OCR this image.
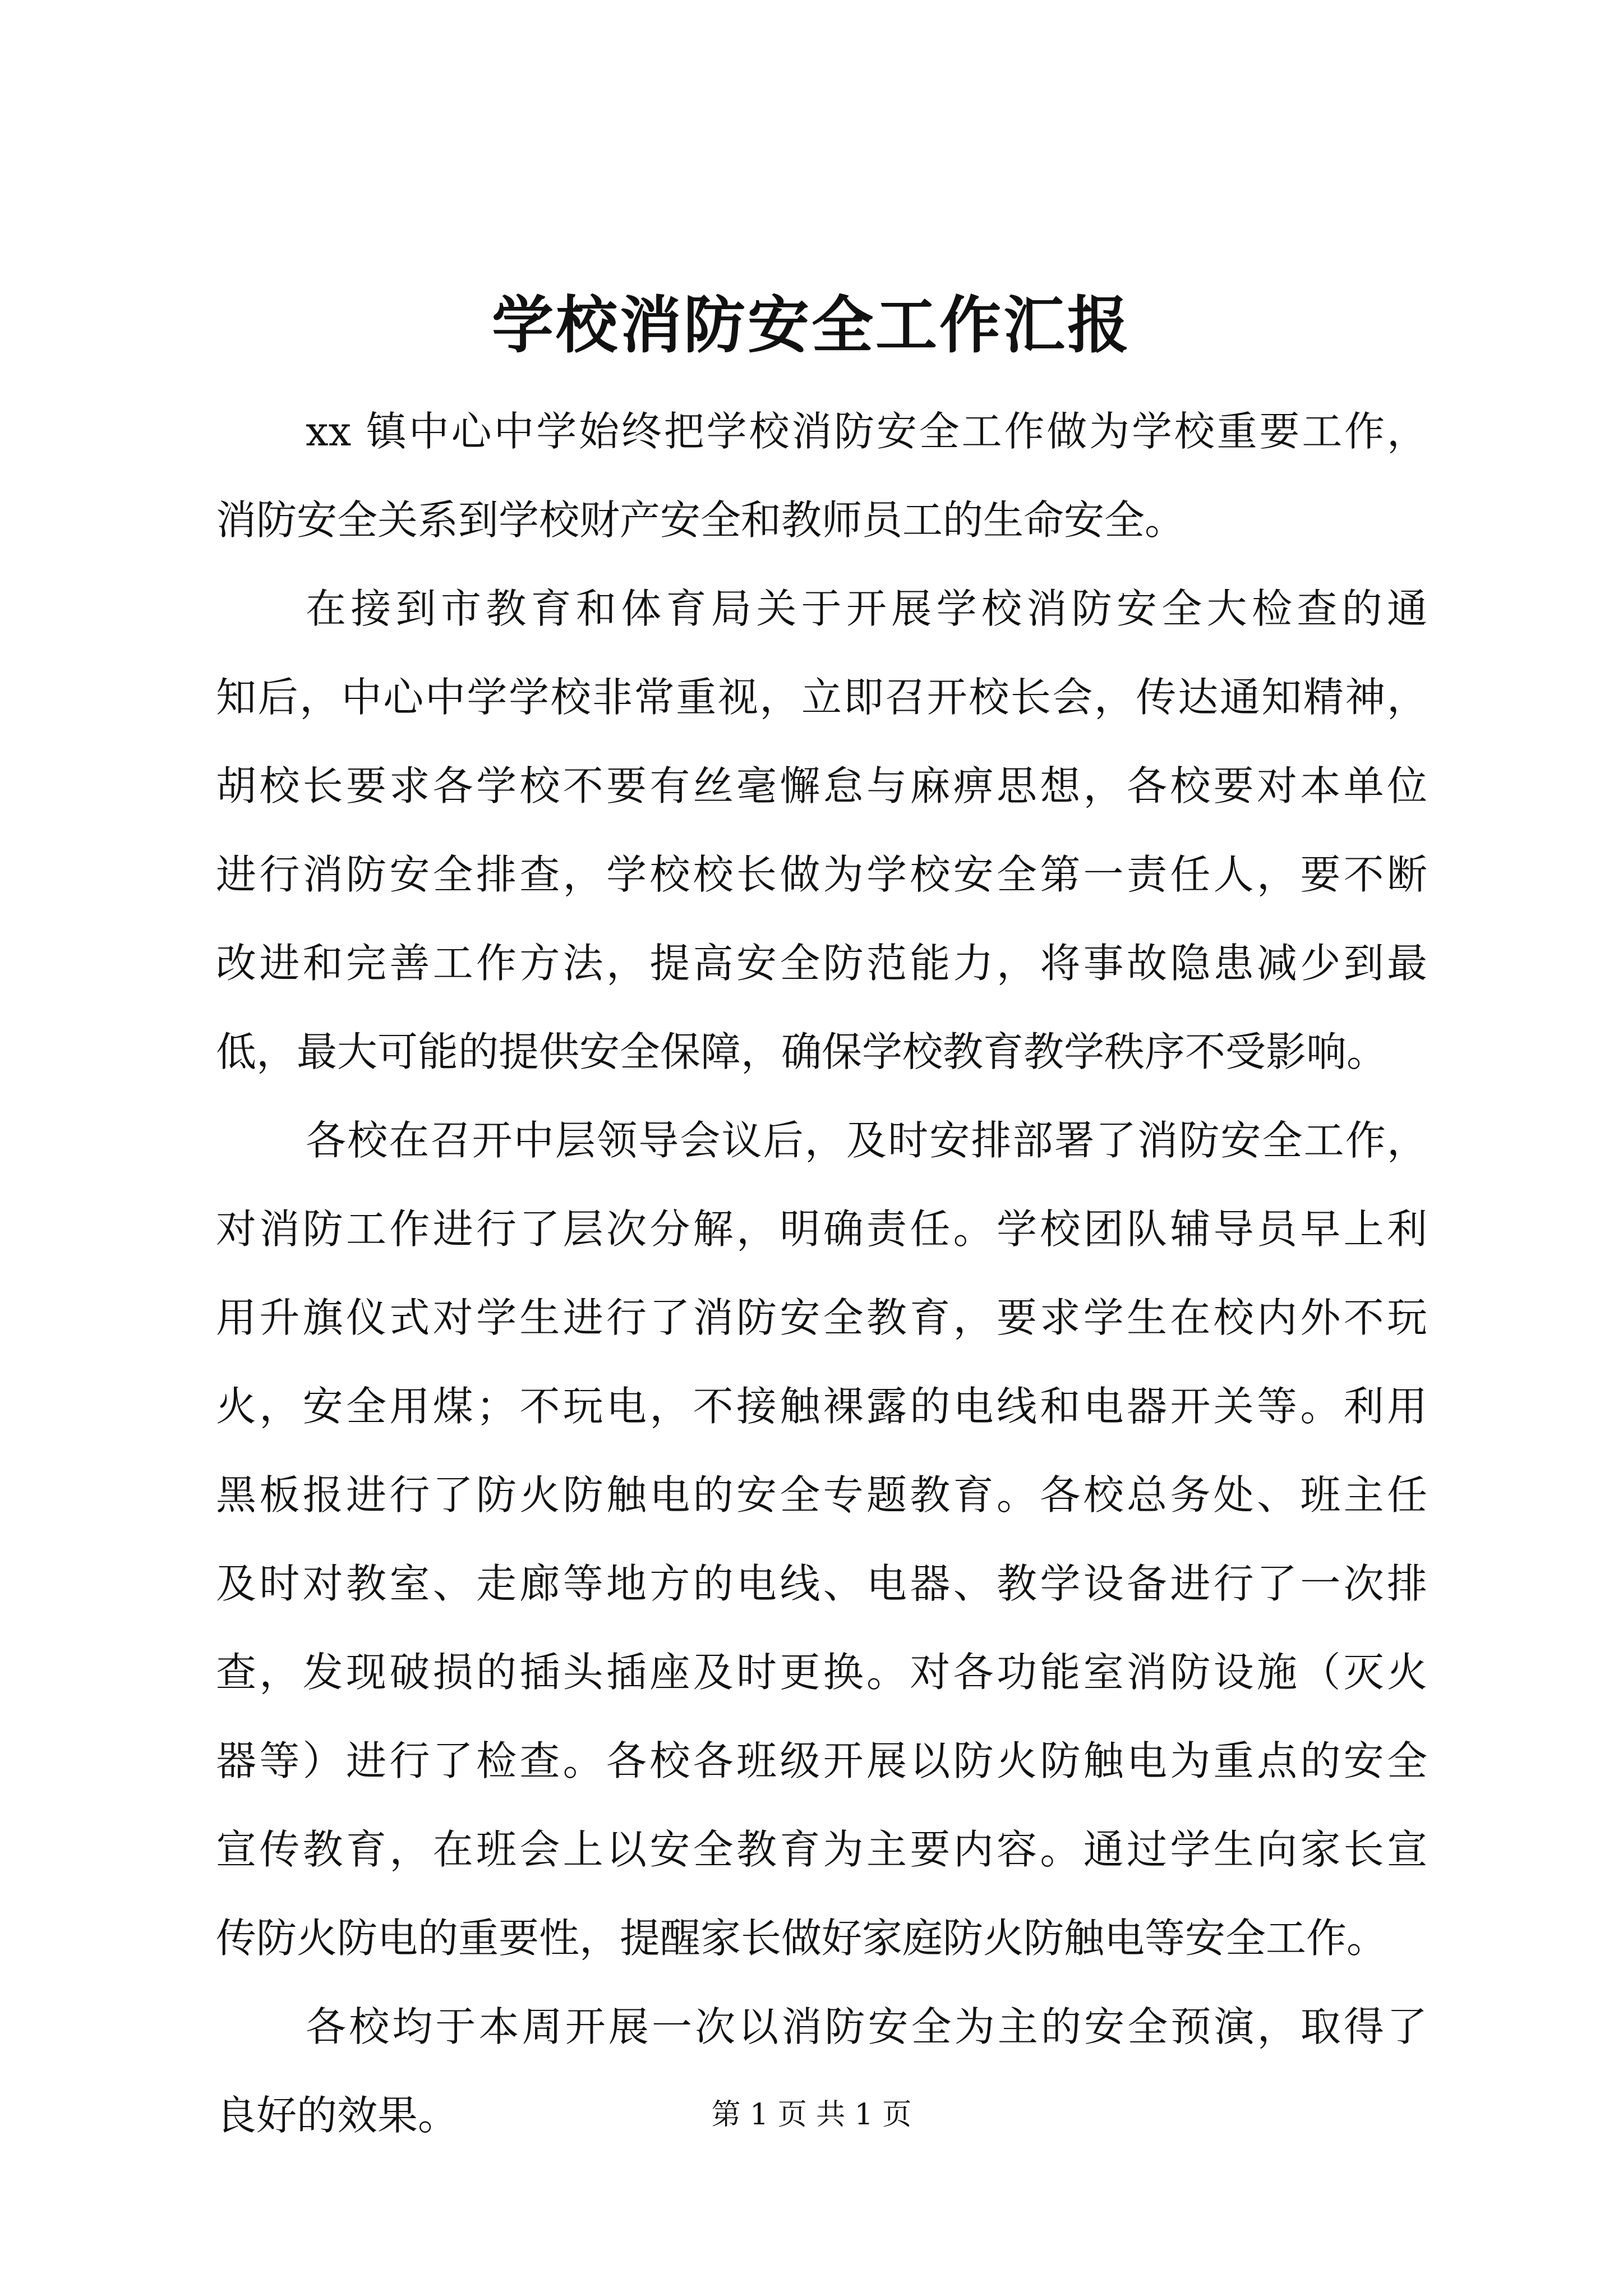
学校消防安全工作汇报

xx 镇中心中学始终把学校消防安全工作做为学校重要工作，
消防安全关系到学校财产安全和教师员工的生命安全。

在接到市教育和体育局关于开展学校消防安全大检查的通
知后，中心中学学校非常重视，立即召开校长会，传达通知精神，
胡校长要求各学校不要有丝毫懈怠与麻痹思想，各校要对本单位
进行消防安全排查，学校校长做为学校安全第一责任人，要不断
改进和完善工作方法，提高安全防范能力，将事故隐患减少到最
低，最大可能的提供安全保障，确保学校教育教学秩序不受影响。

各校在召开中层领导会议后，及时安排部署了消防安全工作，
对消防工作进行了层次分解，明确责任。学校团队辅导员早上利
用升旗仪式对学生进行了消防安全教育，要求学生在校内外不玩
火，安全用煤；不玩电，不接触裸露的电线和电器开关等。利用
黑板报进行了防火防触电的安全专题教育。各校总务处、班主任
及时对教室、走廊等地方的电线、电器、教学设备进行了一次排
查，发现破损的插头插座及时更换。对各功能室消防设施（灭火
器等）进行了检查。各校各班级开展以防火防触电为重点的安全
宣传教育，在班会上以安全教育为主要内容。通过学生向家长宣
传防火防电的重要性，提醒家长做好家庭防火防触电等安全工作。

各校均于本周开展一次以消防安全为主的安全预演，取得了
良好的效果。	第 1 页 共 1 页
